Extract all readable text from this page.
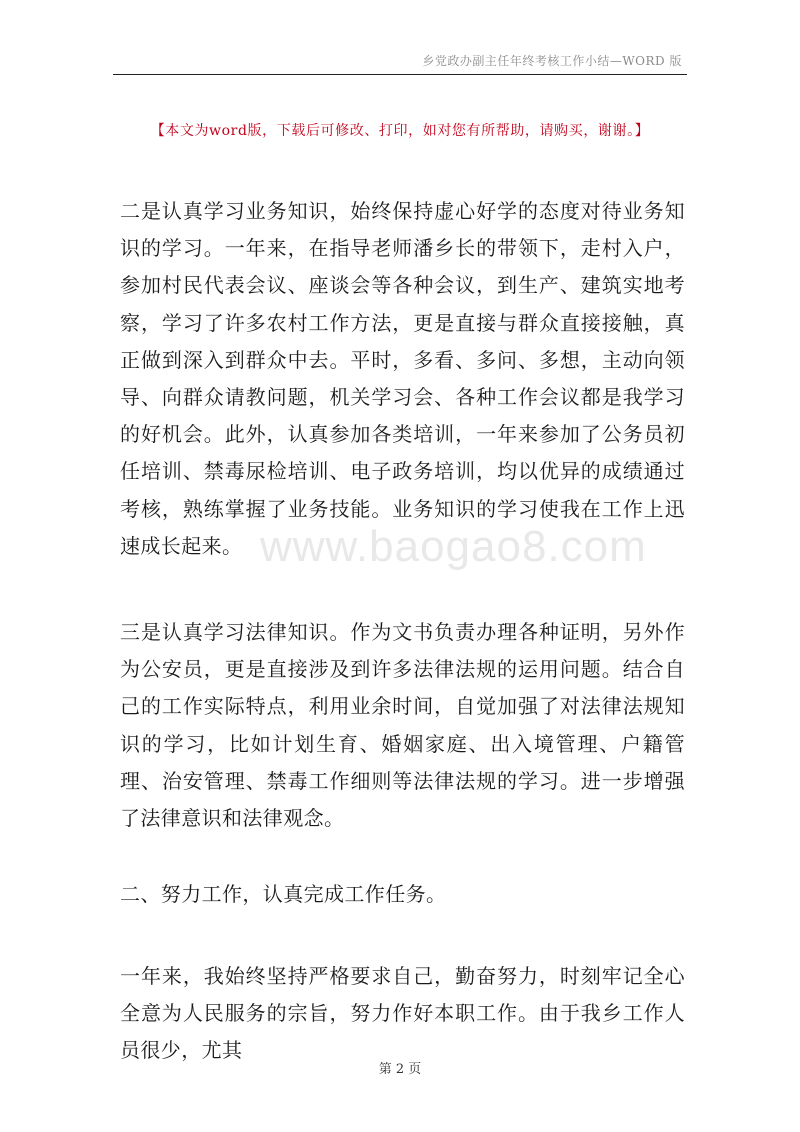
乡党政办副主任年终考核工作小结—WORD 版
【本文为word版，下载后可修改、打印，如对您有所帮助，请购买，谢谢。】

二是认真学习业务知识，始终保持虚心好学的态度对待业务知识的学习。一年来，在指导老师潘乡长的带领下，走村入户，参加村民代表会议、座谈会等各种会议，到生产、建筑实地考察，学习了许多农村工作方法，更是直接与群众直接接触，真正做到深入到群众中去。平时，多看、多问、多想，主动向领导、向群众请教问题，机关学习会、各种工作会议都是我学习的好机会。此外，认真参加各类培训，一年来参加了公务员初任培训、禁毒尿检培训、电子政务培训，均以优异的成绩通过考核，熟练掌握了业务技能。业务知识的学习使我在工作上迅速成长起来。

三是认真学习法律知识。作为文书负责办理各种证明，另外作为公安员，更是直接涉及到许多法律法规的运用问题。结合自己的工作实际特点，利用业余时间，自觉加强了对法律法规知识的学习，比如计划生育、婚姻家庭、出入境管理、户籍管理、治安管理、禁毒工作细则等法律法规的学习。进一步增强了法律意识和法律观念。

二、努力工作，认真完成工作任务。

一年来，我始终坚持严格要求自己，勤奋努力，时刻牢记全心全意为人民服务的宗旨，努力作好本职工作。由于我乡工作人员很少，尤其

www.baogao8.com
第 2 页
